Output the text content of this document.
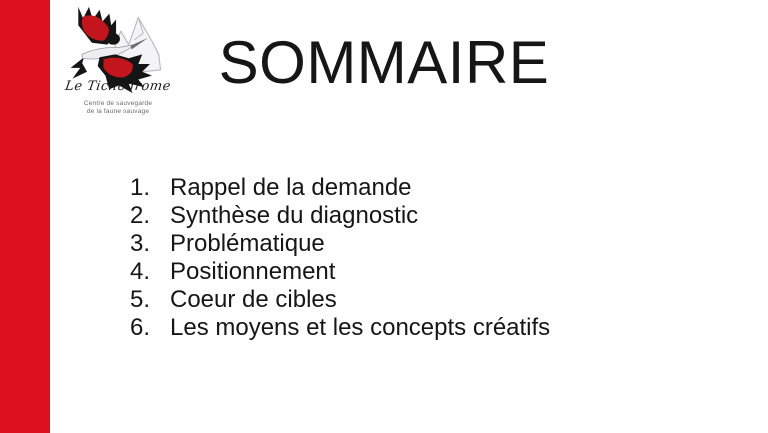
Le Tichodrome
Centre de sauvegarde
de la faune sauvage
SOMMAIRE
1. Rappel de la demande
2. Synthèse du diagnostic
3. Problématique
4. Positionnement
5. Coeur de cibles
6. Les moyens et les concepts créatifs
